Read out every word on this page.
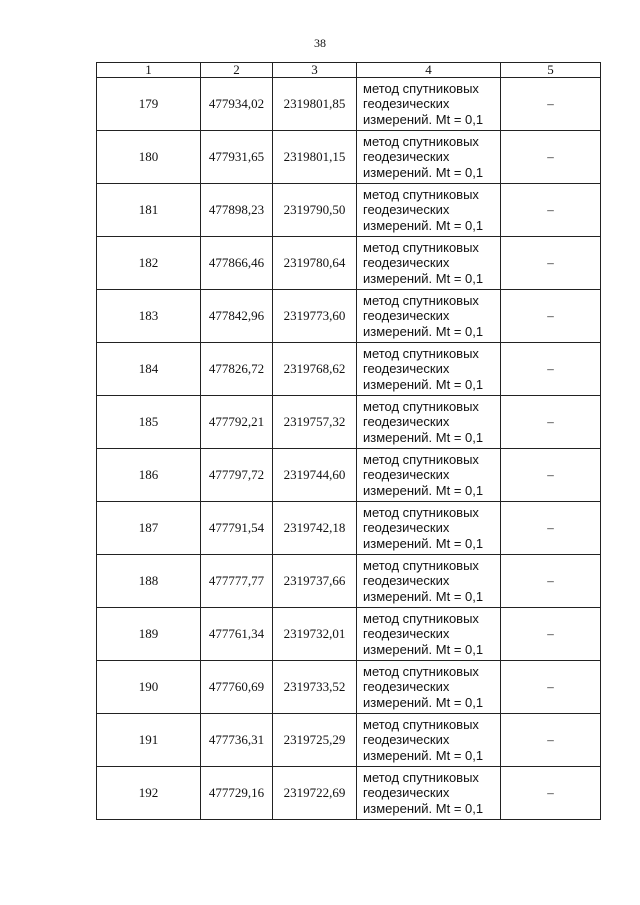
38
1	2	3	4	5
179	477934,02	2319801,85	метод спутниковых
геодезических
измерений. Mt = 0,1	–
180	477931,65	2319801,15	метод спутниковых
геодезических
измерений. Mt = 0,1	–
181	477898,23	2319790,50	метод спутниковых
геодезических
измерений. Mt = 0,1	–
182	477866,46	2319780,64	метод спутниковых
геодезических
измерений. Mt = 0,1	–
183	477842,96	2319773,60	метод спутниковых
геодезических
измерений. Mt = 0,1	–
184	477826,72	2319768,62	метод спутниковых
геодезических
измерений. Mt = 0,1	–
185	477792,21	2319757,32	метод спутниковых
геодезических
измерений. Mt = 0,1	–
186	477797,72	2319744,60	метод спутниковых
геодезических
измерений. Mt = 0,1	–
187	477791,54	2319742,18	метод спутниковых
геодезических
измерений. Mt = 0,1	–
188	477777,77	2319737,66	метод спутниковых
геодезических
измерений. Mt = 0,1	–
189	477761,34	2319732,01	метод спутниковых
геодезических
измерений. Mt = 0,1	–
190	477760,69	2319733,52	метод спутниковых
геодезических
измерений. Mt = 0,1	–
191	477736,31	2319725,29	метод спутниковых
геодезических
измерений. Mt = 0,1	–
192	477729,16	2319722,69	метод спутниковых
геодезических
измерений. Mt = 0,1	–
